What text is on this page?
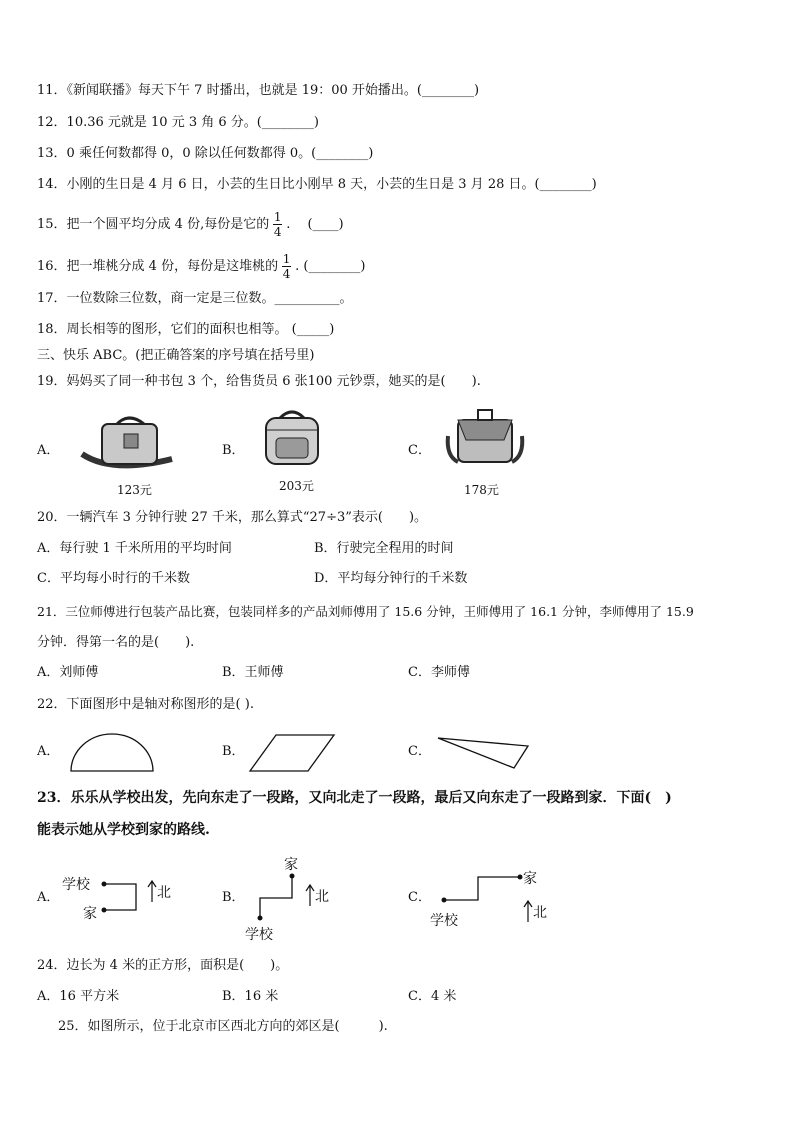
11．《新闻联播》每天下午 7 时播出，也就是 19：00 开始播出。(________)
12．10.36 元就是 10 元 3 角 6 分。(________)
13．0 乘任何数都得 0，0 除以任何数都得 0。(________)
14．小刚的生日是 4 月 6 日，小芸的生日比小刚早 8 天，小芸的生日是 3 月 28 日。(________)
15．把一个圆平均分成 4 份,每份是它的 $\frac{1}{4}$ .　 (____)
16．把一堆桃分成 4 份，每份是这堆桃的 $\frac{1}{4}$ . (________)
17．一位数除三位数，商一定是三位数。__________。
18．周长相等的图形，它们的面积也相等。 (_____)
三、快乐 ABC。(把正确答案的序号填在括号里)
19．妈妈买了同一种书包 3 个，给售货员 6 张100 元钞票，她买的是(　　).
A．
123元
B．
203元
C．
178元
20．一辆汽车 3 分钟行驶 27 千米，那么算式“27÷3”表示(　　)。
A．每行驶 1 千米所用的平均时间	B．行驶完全程用的时间
C．平均每小时行的千米数	D．平均每分钟行的千米数
21．三位师傅进行包装产品比赛，包装同样多的产品刘师傅用了 15.6 分钟，王师傅用了 16.1 分钟，李师傅用了 15.9
分钟．得第一名的是(　　).
A．刘师傅	B．王师傅	C．李师傅
22．下面图形中是轴对称图形的是( ).
A．	B．	C．
23．乐乐从学校出发，先向东走了一段路，又向北走了一段路，最后又向东走了一段路到家．下面(　)
能表示她从学校到家的路线.
A．
学校
家
北	B．
家
学校
北	C．
家
学校	北
24．边长为 4 米的正方形，面积是(　　)。
A．16 平方米	B．16 米	C．4 米
25．如图所示，位于北京市区西北方向的郊区是(　　　).
